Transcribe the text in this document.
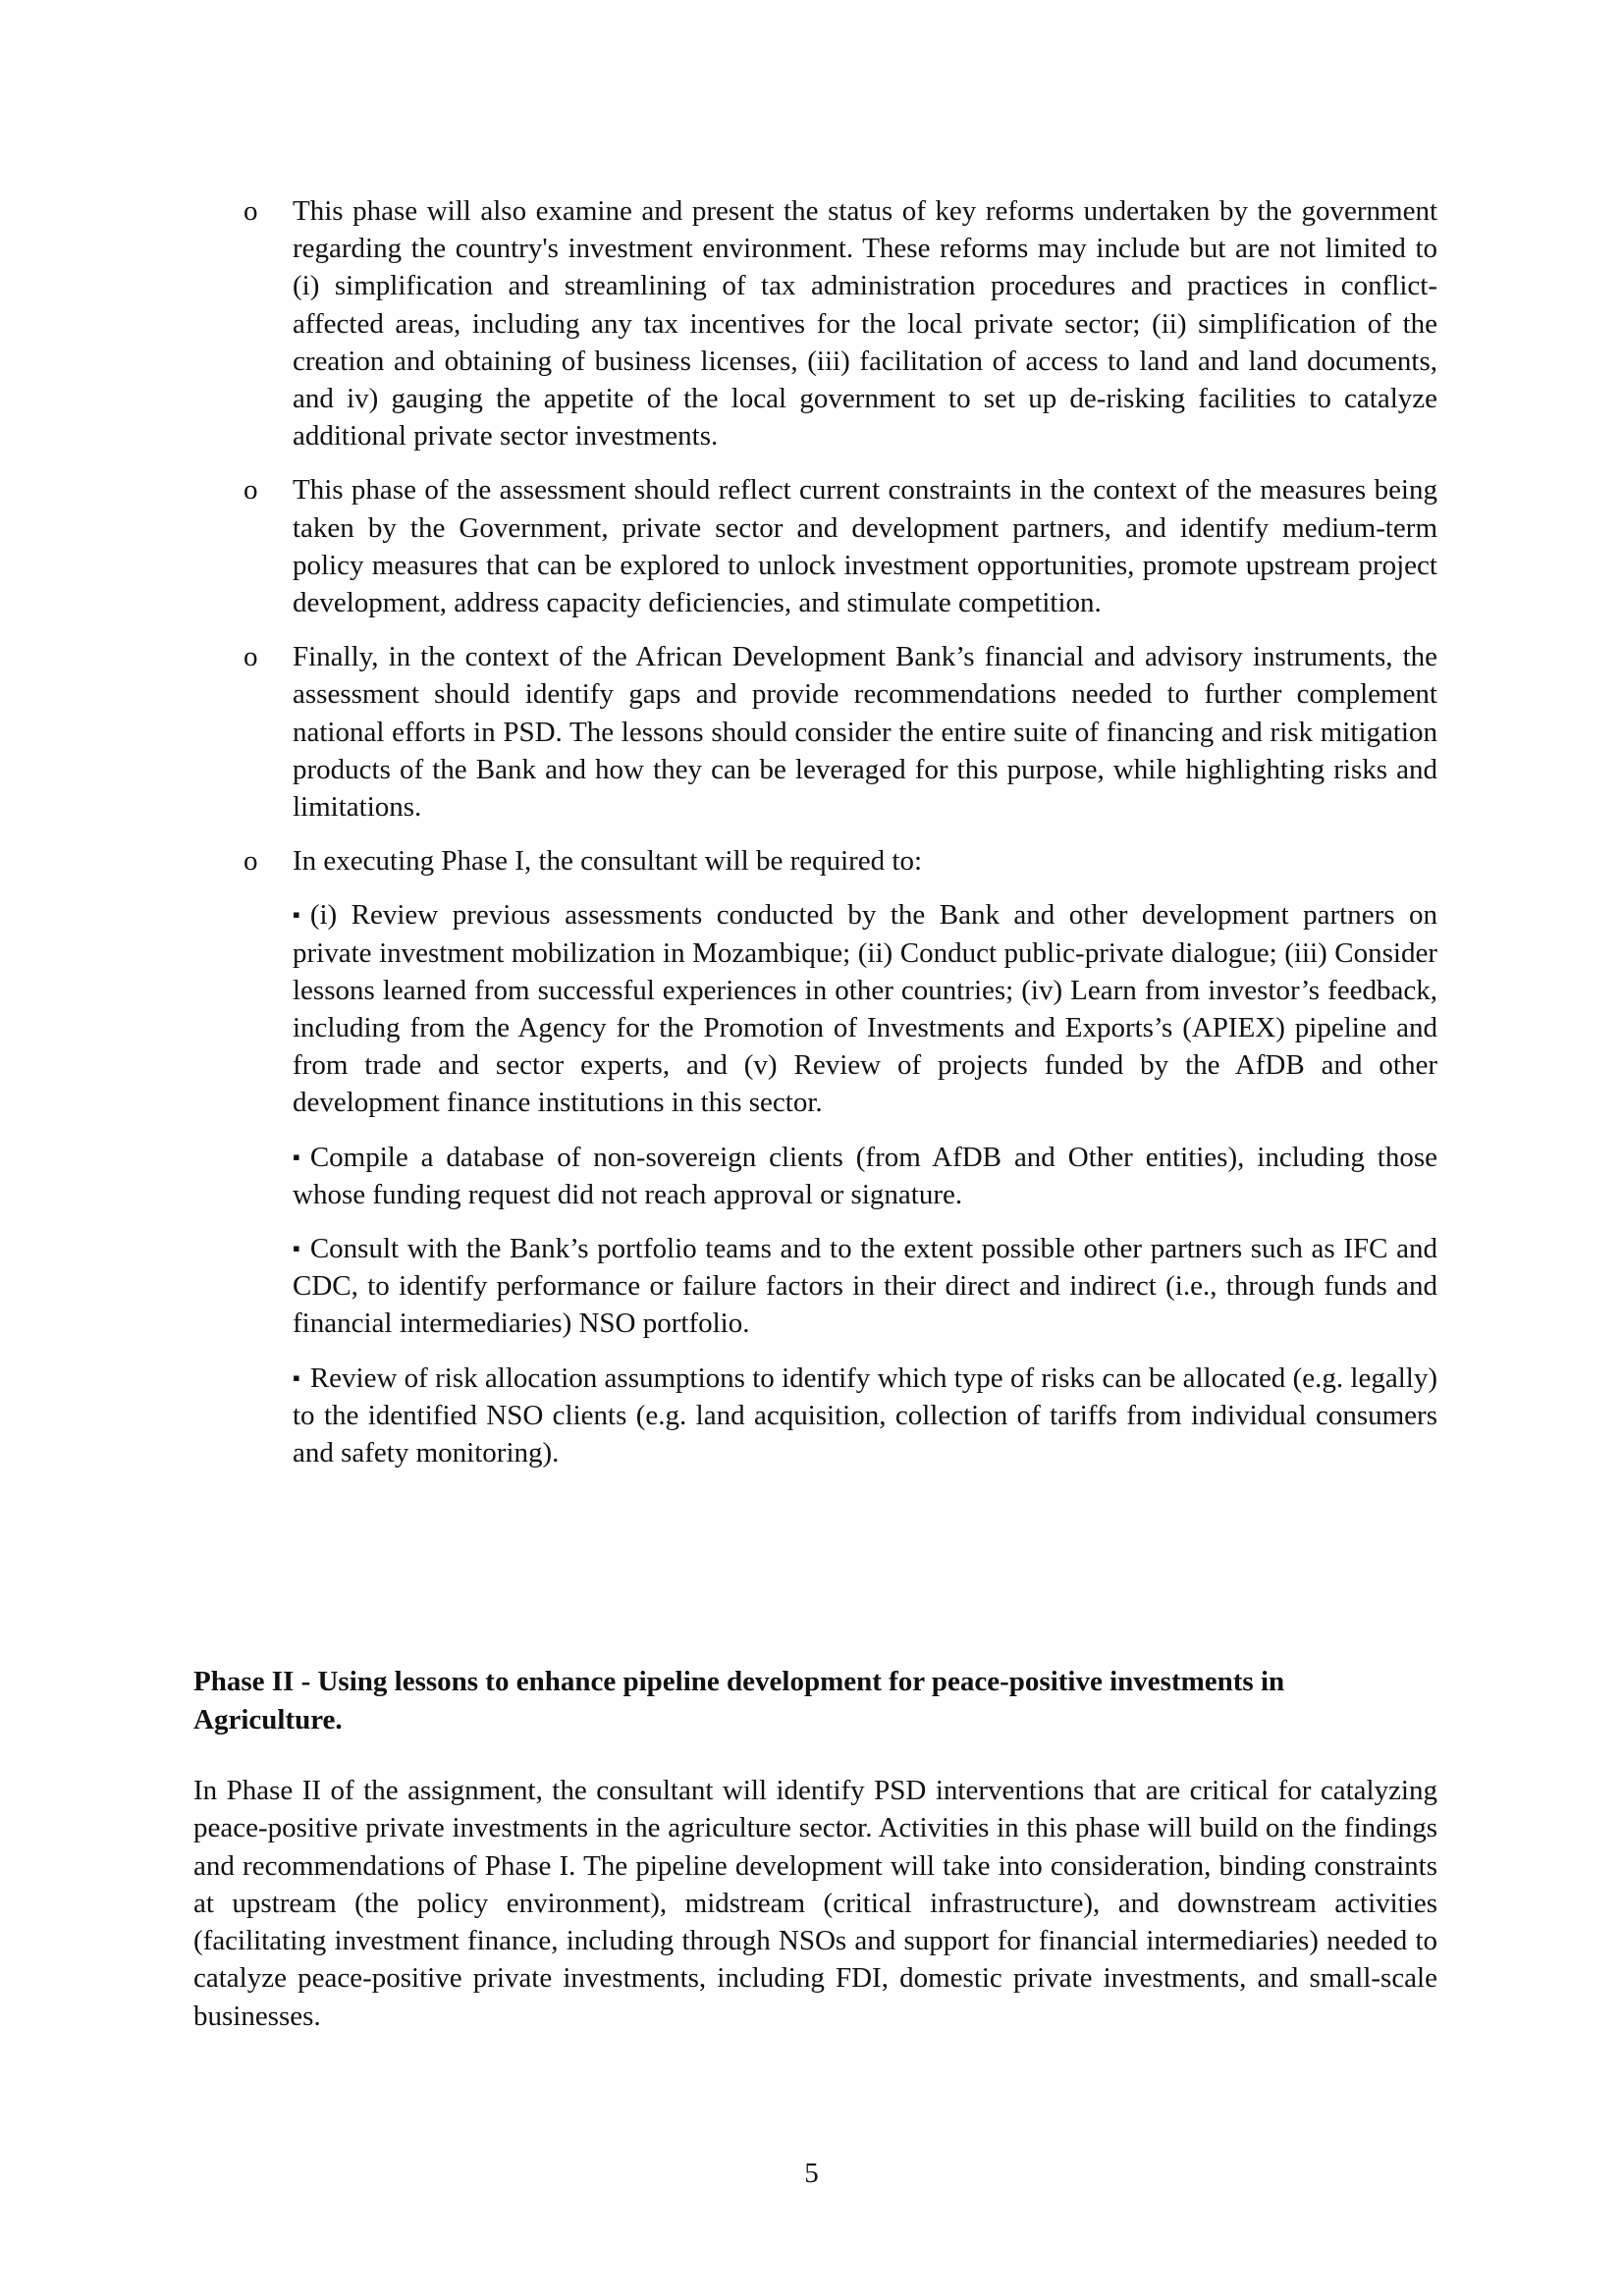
o	This phase will also examine and present the status of key reforms undertaken by the government regarding the country's investment environment. These reforms may include but are not limited to (i) simplification and streamlining of tax administration procedures and practices in conflict-affected areas, including any tax incentives for the local private sector; (ii) simplification of the creation and obtaining of business licenses, (iii) facilitation of access to land and land documents, and iv) gauging the appetite of the local government to set up de-risking facilities to catalyze additional private sector investments.
o	This phase of the assessment should reflect current constraints in the context of the measures being taken by the Government, private sector and development partners, and identify medium-term policy measures that can be explored to unlock investment opportunities, promote upstream project development, address capacity deficiencies, and stimulate competition.
o	Finally, in the context of the African Development Bank’s financial and advisory instruments, the assessment should identify gaps and provide recommendations needed to further complement national efforts in PSD. The lessons should consider the entire suite of financing and risk mitigation products of the Bank and how they can be leveraged for this purpose, while highlighting risks and limitations.
o	In executing Phase I, the consultant will be required to:
▪ (i) Review previous assessments conducted by the Bank and other development partners on private investment mobilization in Mozambique; (ii) Conduct public-private dialogue; (iii) Consider lessons learned from successful experiences in other countries; (iv) Learn from investor’s feedback, including from the Agency for the Promotion of Investments and Exports’s (APIEX) pipeline and from trade and sector experts, and (v) Review of projects funded by the AfDB and other development finance institutions in this sector.
▪ Compile a database of non-sovereign clients (from AfDB and Other entities), including those whose funding request did not reach approval or signature.
▪ Consult with the Bank’s portfolio teams and to the extent possible other partners such as IFC and CDC, to identify performance or failure factors in their direct and indirect (i.e., through funds and financial intermediaries) NSO portfolio.
▪ Review of risk allocation assumptions to identify which type of risks can be allocated (e.g. legally) to the identified NSO clients (e.g. land acquisition, collection of tariffs from individual consumers and safety monitoring).
Phase II - Using lessons to enhance pipeline development for peace-positive investments in Agriculture.

In Phase II of the assignment, the consultant will identify PSD interventions that are critical for catalyzing peace-positive private investments in the agriculture sector. Activities in this phase will build on the findings and recommendations of Phase I. The pipeline development will take into consideration, binding constraints at upstream (the policy environment), midstream (critical infrastructure), and downstream activities (facilitating investment finance, including through NSOs and support for financial intermediaries) needed to catalyze peace-positive private investments, including FDI, domestic private investments, and small-scale businesses.

5
